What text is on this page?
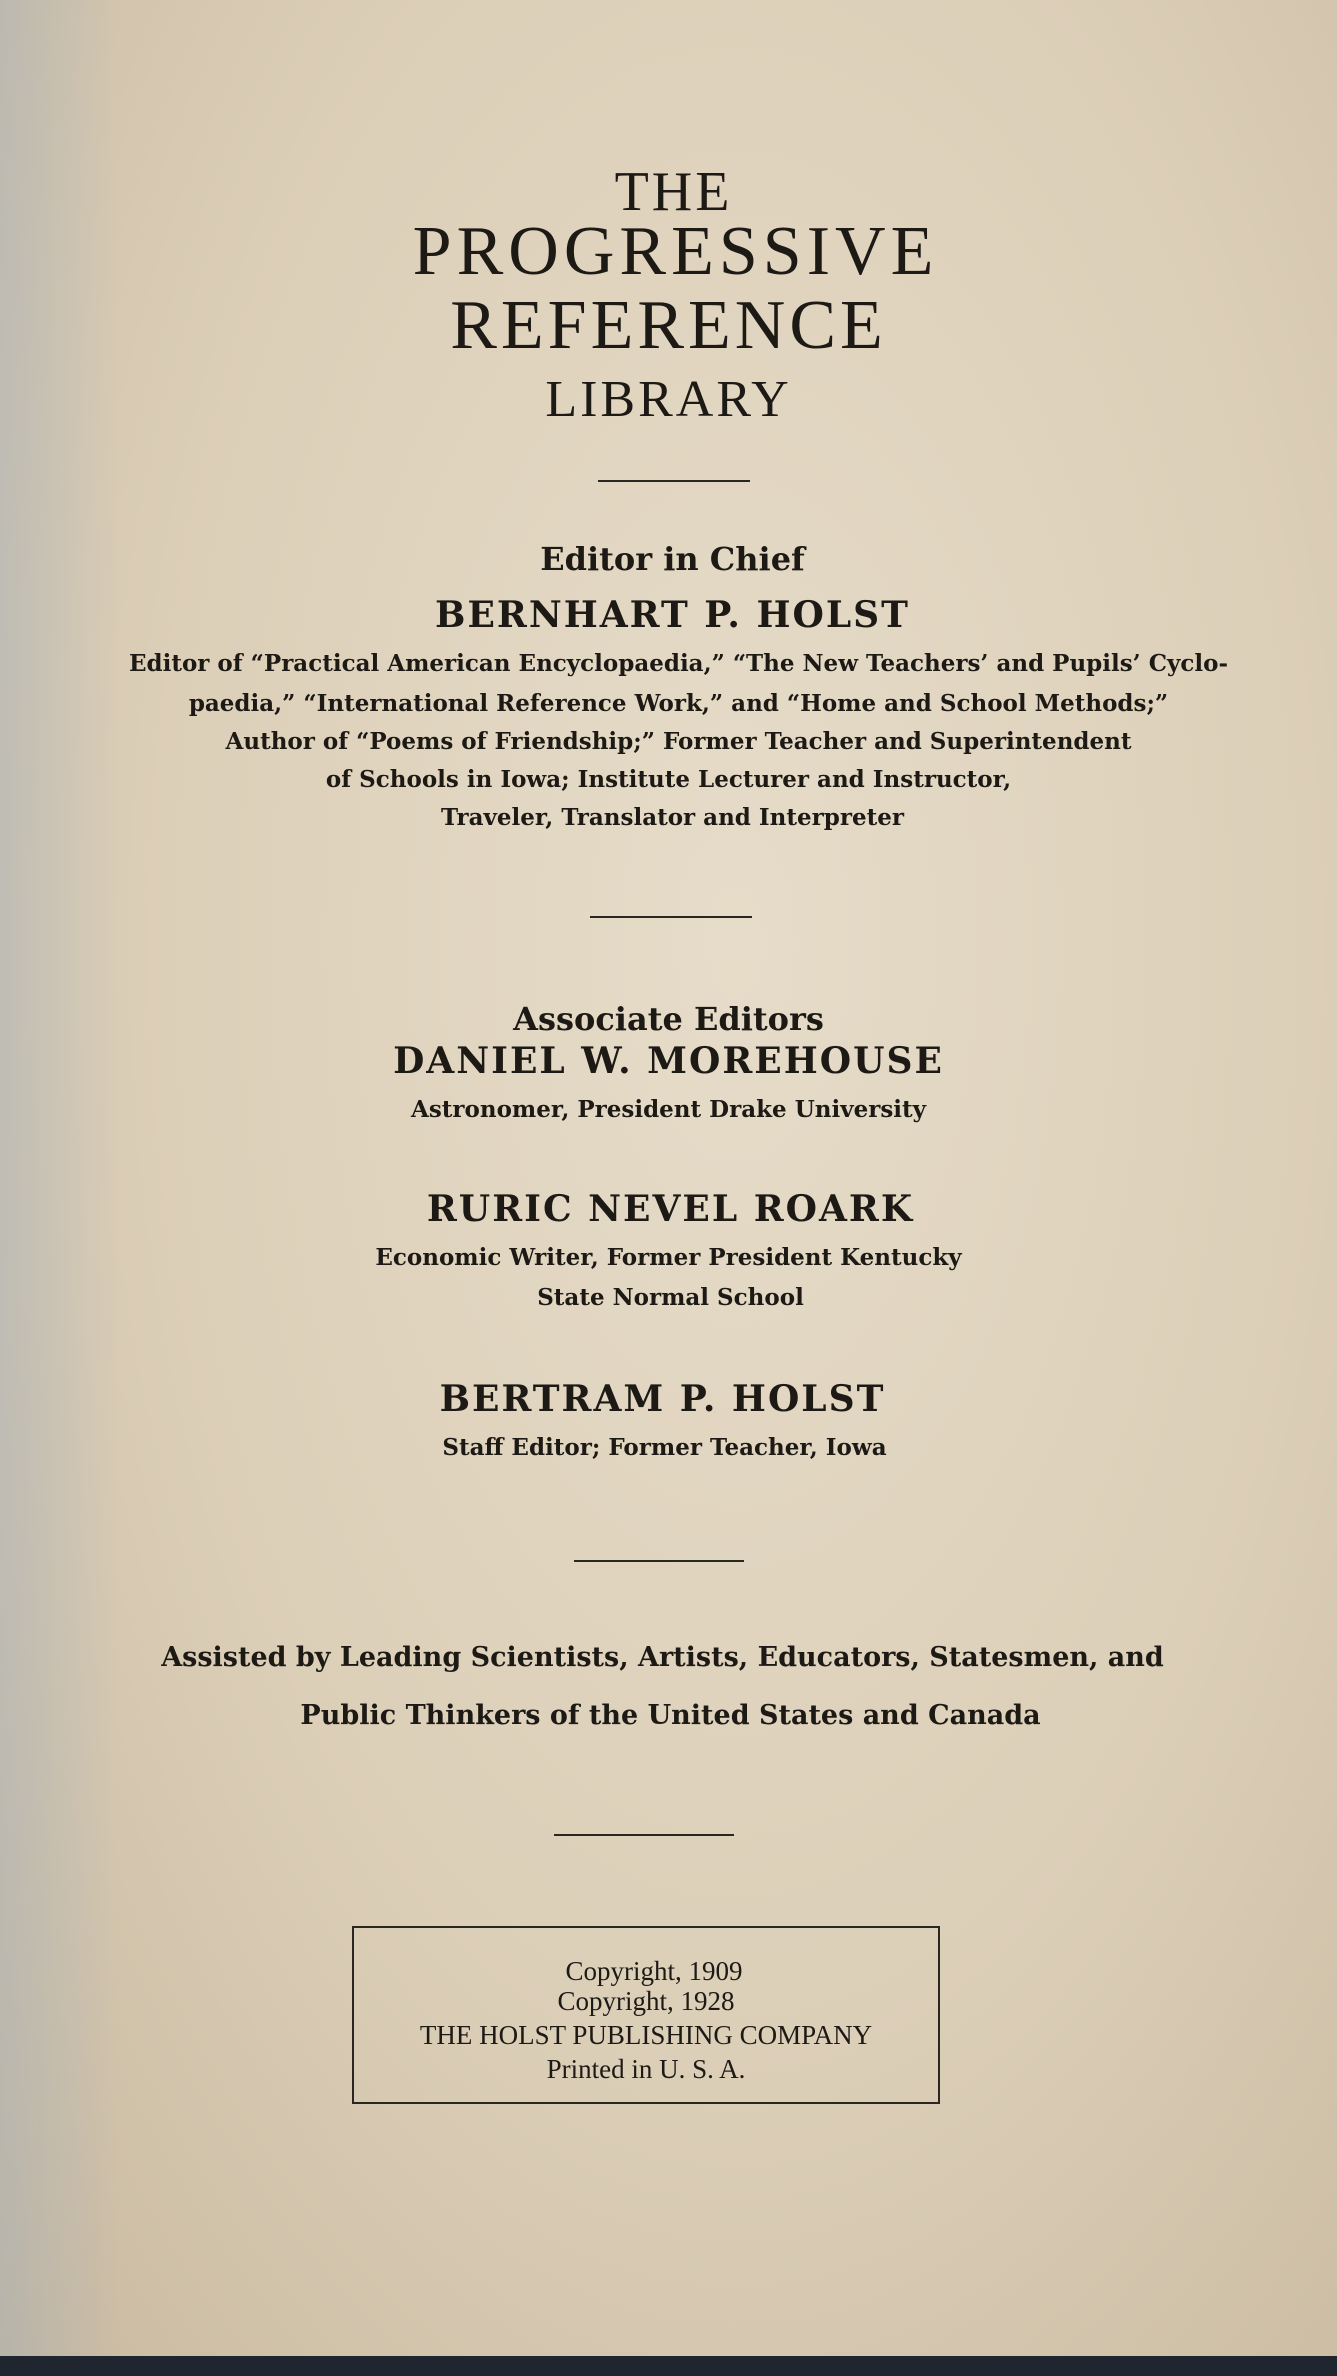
THE
PROGRESSIVE
REFERENCE
LIBRARY
Editor in Chief
BERNHART P. HOLST
Editor of “Practical American Encyclopaedia,” “The New Teachers’ and Pupils’ Cyclo-
paedia,” “International Reference Work,” and “Home and School Methods;”
Author of “Poems of Friendship;” Former Teacher and Superintendent
of Schools in Iowa; Institute Lecturer and Instructor,
Traveler, Translator and Interpreter
Associate Editors
DANIEL W. MOREHOUSE
Astronomer, President Drake University
RURIC NEVEL ROARK
Economic Writer, Former President Kentucky
State Normal School
BERTRAM P. HOLST
Staff Editor; Former Teacher, Iowa
Assisted by Leading Scientists, Artists, Educators, Statesmen, and
Public Thinkers of the United States and Canada
Copyright, 1909
Copyright, 1928
THE HOLST PUBLISHING COMPANY
Printed in U. S. A.
